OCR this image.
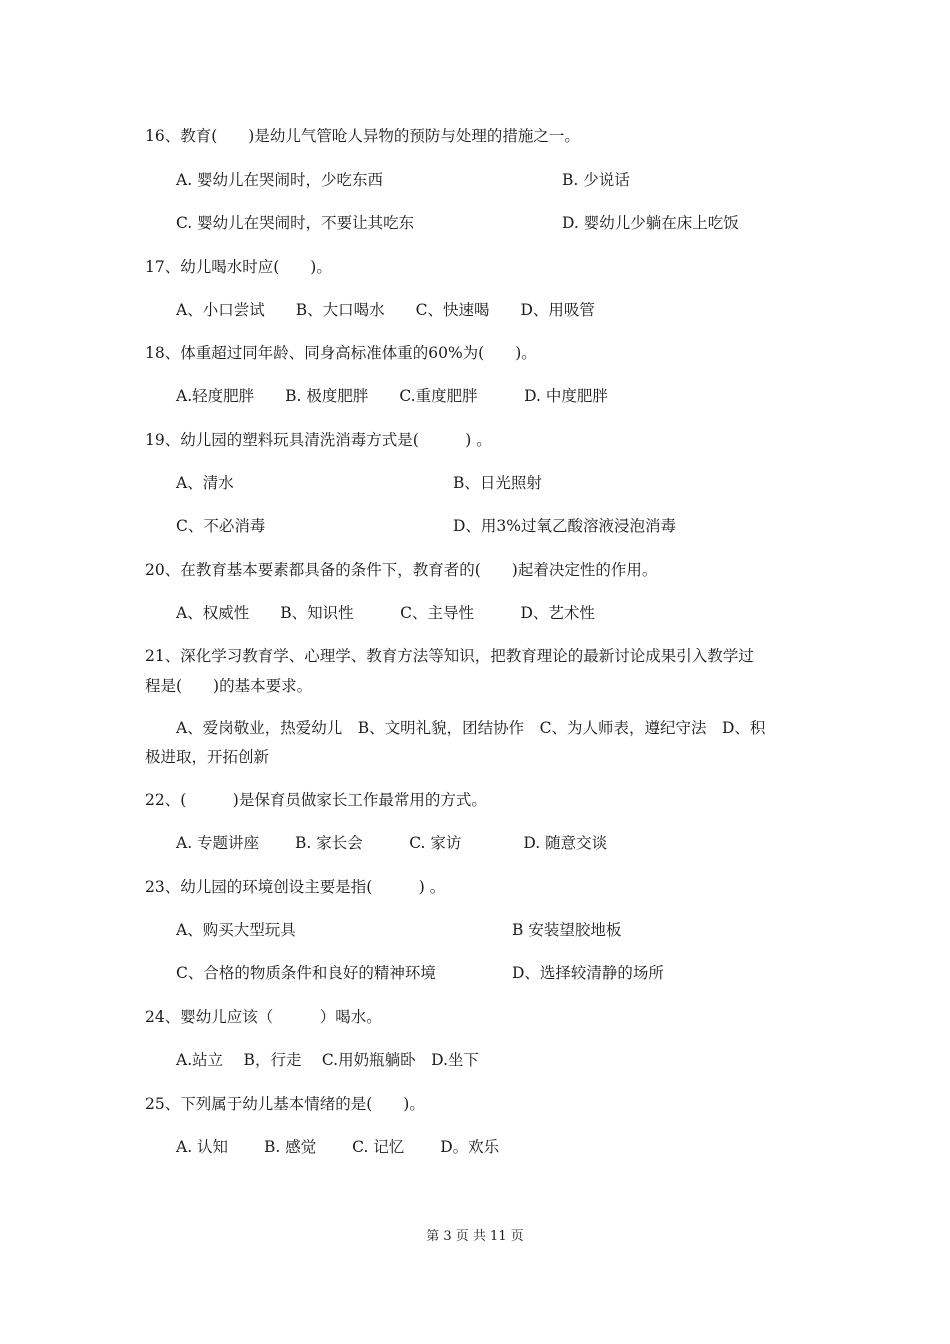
16、教育(　　)是幼儿气管呛人异物的预防与处理的措施之一。
A. 婴幼儿在哭闹时，少吃东西	B. 少说话
C. 婴幼儿在哭闹时，不要让其吃东	D. 婴幼儿少躺在床上吃饭
17、幼儿喝水时应(　　)。
A、小口尝试　　B、大口喝水　　C、快速喝　　D、用吸管
18、体重超过同年龄、同身高标准体重的60%为(　　)。
A.轻度肥胖　　B. 极度肥胖　　C.重度肥胖　　　D. 中度肥胖
19、幼儿园的塑料玩具清洗消毒方式是(　　　) 。
A、清水	B、日光照射
C、不必消毒	D、用3%过氧乙酸溶液浸泡消毒
20、在教育基本要素都具备的条件下，教育者的(　　)起着决定性的作用。
A、权威性　　B、知识性　　　C、主导性　　　D、艺术性
21、深化学习教育学、心理学、教育方法等知识，把教育理论的最新讨论成果引入教学过
程是(　　)的基本要求。
A、爱岗敬业，热爱幼儿　B、文明礼貌，团结协作　C、为人师表，遵纪守法　D、积
极进取，开拓创新
22、(　　　)是保育员做家长工作最常用的方式。
A. 专题讲座　　 B. 家长会　　　C. 家访　　　　D. 随意交谈
23、幼儿园的环境创设主要是指(　　　) 。
A、购买大型玩具	B 安装望胶地板
C、合格的物质条件和良好的精神环境	D、选择较清静的场所
24、婴幼儿应该（　　　）喝水。
A.站立　 B，行走　 C.用奶瓶躺卧　D.坐下
25、下列属于幼儿基本情绪的是(　　)。
A. 认知　　 B. 感觉　　 C. 记忆　　 D。欢乐
第 3 页 共 11 页
